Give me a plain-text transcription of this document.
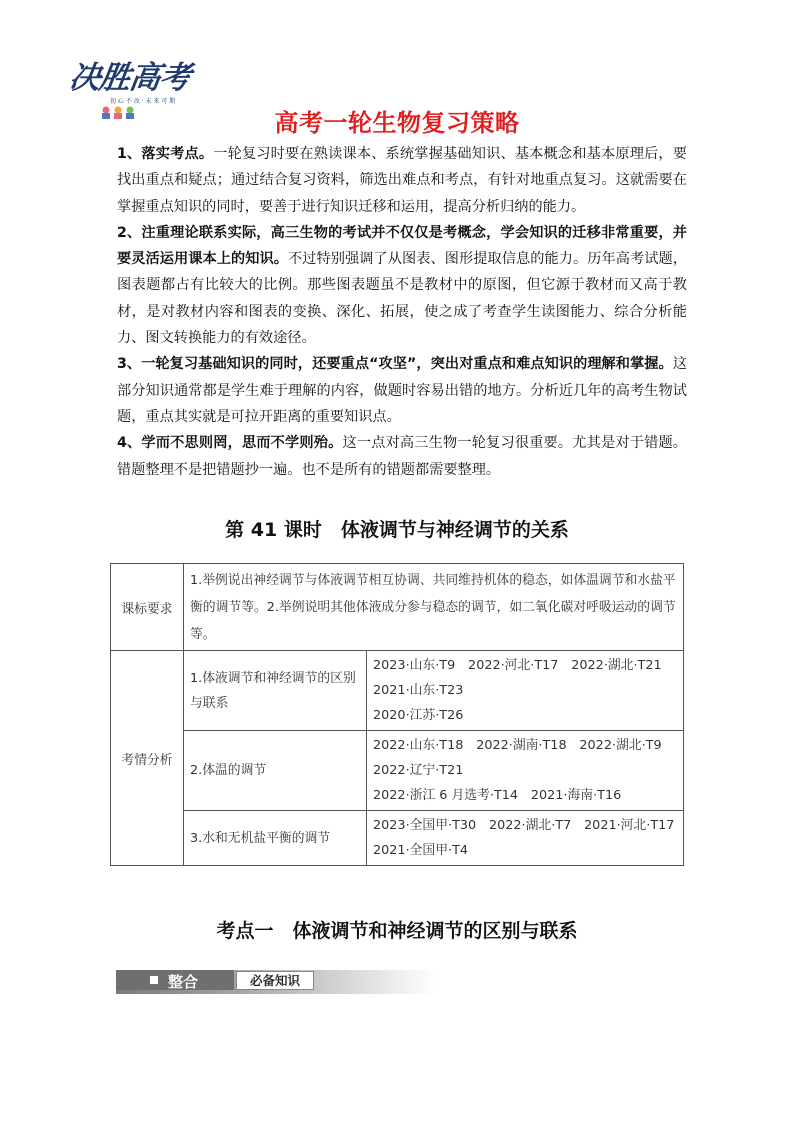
决胜高考
初 心 不 改 · 未 来 可 期
高考一轮生物复习策略

1、落实考点。一轮复习时要在熟读课本、系统掌握基础知识、基本概念和基本原理后，要找出重点和疑点；通过结合复习资料，筛选出难点和考点，有针对地重点复习。这就需要在掌握重点知识的同时，要善于进行知识迁移和运用，提高分析归纳的能力。

2、注重理论联系实际，高三生物的考试并不仅仅是考概念，学会知识的迁移非常重要，并要灵活运用课本上的知识。不过特别强调了从图表、图形提取信息的能力。历年高考试题，图表题都占有比较大的比例。那些图表题虽不是教材中的原图，但它源于教材而又高于教材，是对教材内容和图表的变换、深化、拓展，使之成了考查学生读图能力、综合分析能力、图文转换能力的有效途径。

3、一轮复习基础知识的同时，还要重点“攻坚”，突出对重点和难点知识的理解和掌握。这部分知识通常都是学生难于理解的内容，做题时容易出错的地方。分析近几年的高考生物试题，重点其实就是可拉开距离的重要知识点。

4、学而不思则罔，思而不学则殆。这一点对高三生物一轮复习很重要。尤其是对于错题。错题整理不是把错题抄一遍。也不是所有的错题都需要整理。

第 41 课时　体液调节与神经调节的关系
课标要求	1.举例说出神经调节与体液调节相互协调、共同维持机体的稳态，如体温调节和水盐平衡的调节等。2.举例说明其他体液成分参与稳态的调节，如二氧化碳对呼吸运动的调节等。	
考情分析	1.体液调节和神经调节的区别与联系	2023·山东·T9　2022·河北·T17　2022·湖北·T21
2021·山东·T23
2020·江苏·T26

	2.体温的调节	2022·山东·T18　2022·湖南·T18　2022·湖北·T9
2022·辽宁·T21
2022·浙江 6 月选考·T14　2021·海南·T16

	3.水和无机盐平衡的调节	2023·全国甲·T30　2022·湖北·T7　2021·河北·T17
2021·全国甲·T4
考点一　体液调节和神经调节的区别与联系
整合	必备知识
